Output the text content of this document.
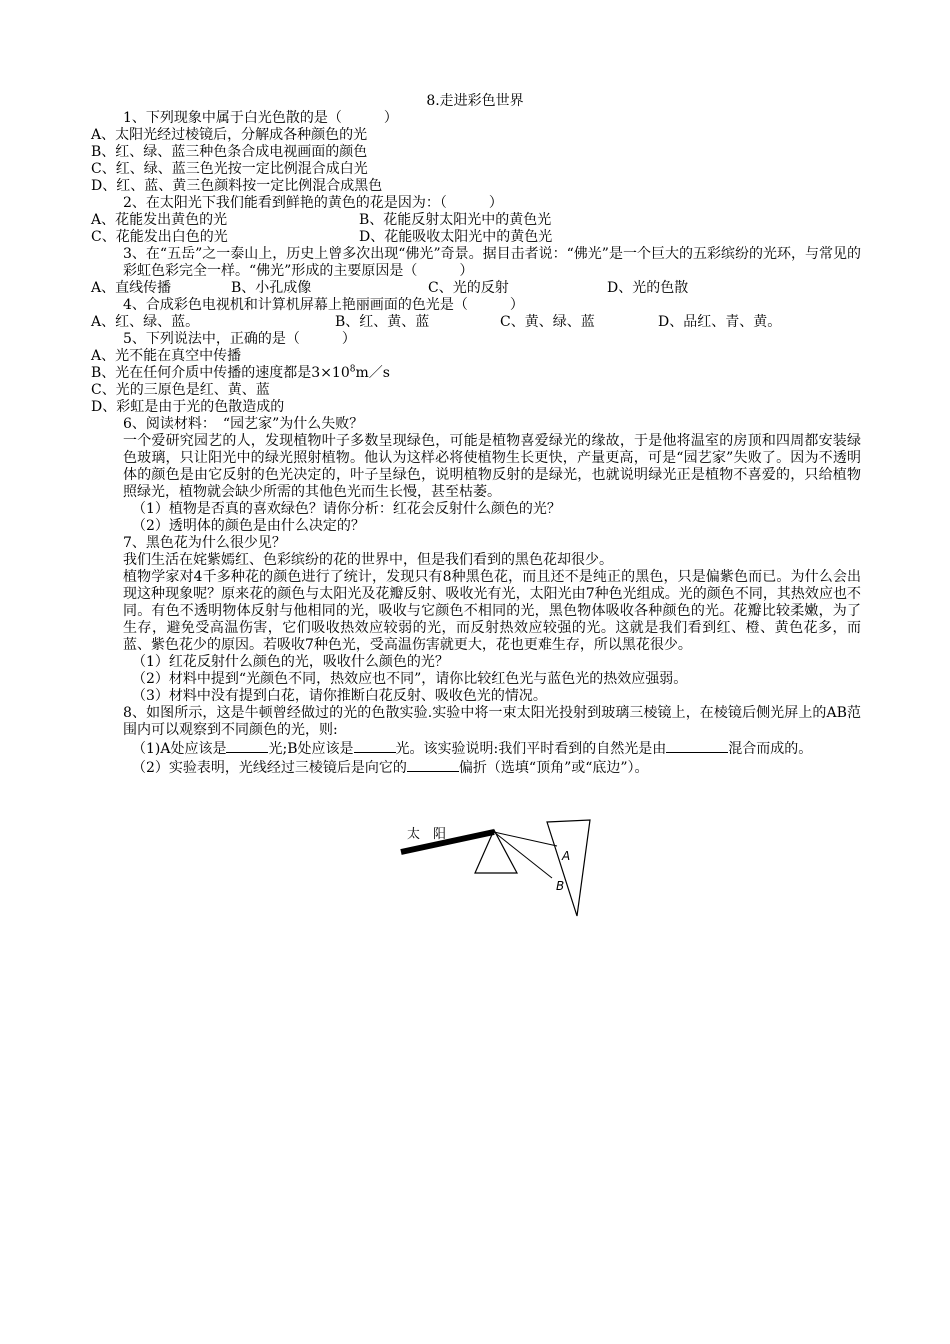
8.走进彩色世界

1、下列现象中属于白光色散的是（　　　）

A、太阳光经过棱镜后，分解成各种颜色的光

B、红、绿、蓝三种色条合成电视画面的颜色

C、红、绿、蓝三色光按一定比例混合成白光

D、红、蓝、黄三色颜料按一定比例混合成黑色

2、在太阳光下我们能看到鲜艳的黄色的花是因为：（　　　）

A、花能发出黄色的光	B、花能反射太阳光中的黄色光
C、花能发出白色的光	D、花能吸收太阳光中的黄色光

3、在“五岳”之一泰山上，历史上曾多次出现“佛光”奇景。据目击者说：“佛光”是一个巨大的五彩缤纷的光环，与常见的彩虹色彩完全一样。“佛光”形成的主要原因是（　　　）

A、直线传播	B、小孔成像	C、光的反射	D、光的色散

4、合成彩色电视机和计算机屏幕上艳丽画面的色光是（　　　）

A、红、绿、蓝。	B、红、黄、蓝	C、黄、绿、蓝	D、品红、青、黄。

5、下列说法中，正确的是（　　　）

A、光不能在真空中传播

B、光在任何介质中传播的速度都是$3\times 10^8m/s$

C、光的三原色是红、黄、蓝

D、彩虹是由于光的色散造成的

6、阅读材料：　“园艺家”为什么失败？

一个爱研究园艺的人，发现植物叶子多数呈现绿色，可能是植物喜爱绿光的缘故，于是他将温室的房顶和四周都安装绿色玻璃，只让阳光中的绿光照射植物。他认为这样必将使植物生长更快，产量更高，可是“园艺家”失败了。因为不透明体的颜色是由它反射的色光决定的，叶子呈绿色，说明植物反射的是绿光，也就说明绿光正是植物不喜爱的，只给植物照绿光，植物就会缺少所需的其他色光而生长慢，甚至枯萎。

（1）植物是否真的喜欢绿色？请你分析：红花会反射什么颜色的光？

（2）透明体的颜色是由什么决定的？

7、黑色花为什么很少见？

我们生活在姹紫嫣红、色彩缤纷的花的世界中，但是我们看到的黑色花却很少。

植物学家对4千多种花的颜色进行了统计，发现只有8种黑色花，而且还不是纯正的黑色，只是偏紫色而已。为什么会出现这种现象呢？原来花的颜色与太阳光及花瓣反射、吸收光有光，太阳光由7种色光组成。光的颜色不同，其热效应也不同。有色不透明物体反射与他相同的光，吸收与它颜色不相同的光，黑色物体吸收各种颜色的光。花瓣比较柔嫩，为了生存，避免受高温伤害，它们吸收热效应较弱的光，而反射热效应较强的光。这就是我们看到红、橙、黄色花多，而蓝、紫色花少的原因。若吸收7种色光，受高温伤害就更大，花也更难生存，所以黑花很少。

（1）红花反射什么颜色的光，吸收什么颜色的光？

（2）材料中提到“光颜色不同，热效应也不同”，请你比较红色光与蓝色光的热效应强弱。

（3）材料中没有提到白花，请你推断白花反射、吸收色光的情况。

8、如图所示，这是牛顿曾经做过的光的色散实验.实验中将一束太阳光投射到玻璃三棱镜上，在棱镜后侧光屏上的AB范围内可以观察到不同颜色的光，则:

（1)A处应该是	光;B处应该是	光。该实验说明:我们平时看到的自然光是由	混合而成的。

（2）实验表明，光线经过三棱镜后是向它的	偏折（选填“顶角”或“底边”）。

太　阳
A
B
